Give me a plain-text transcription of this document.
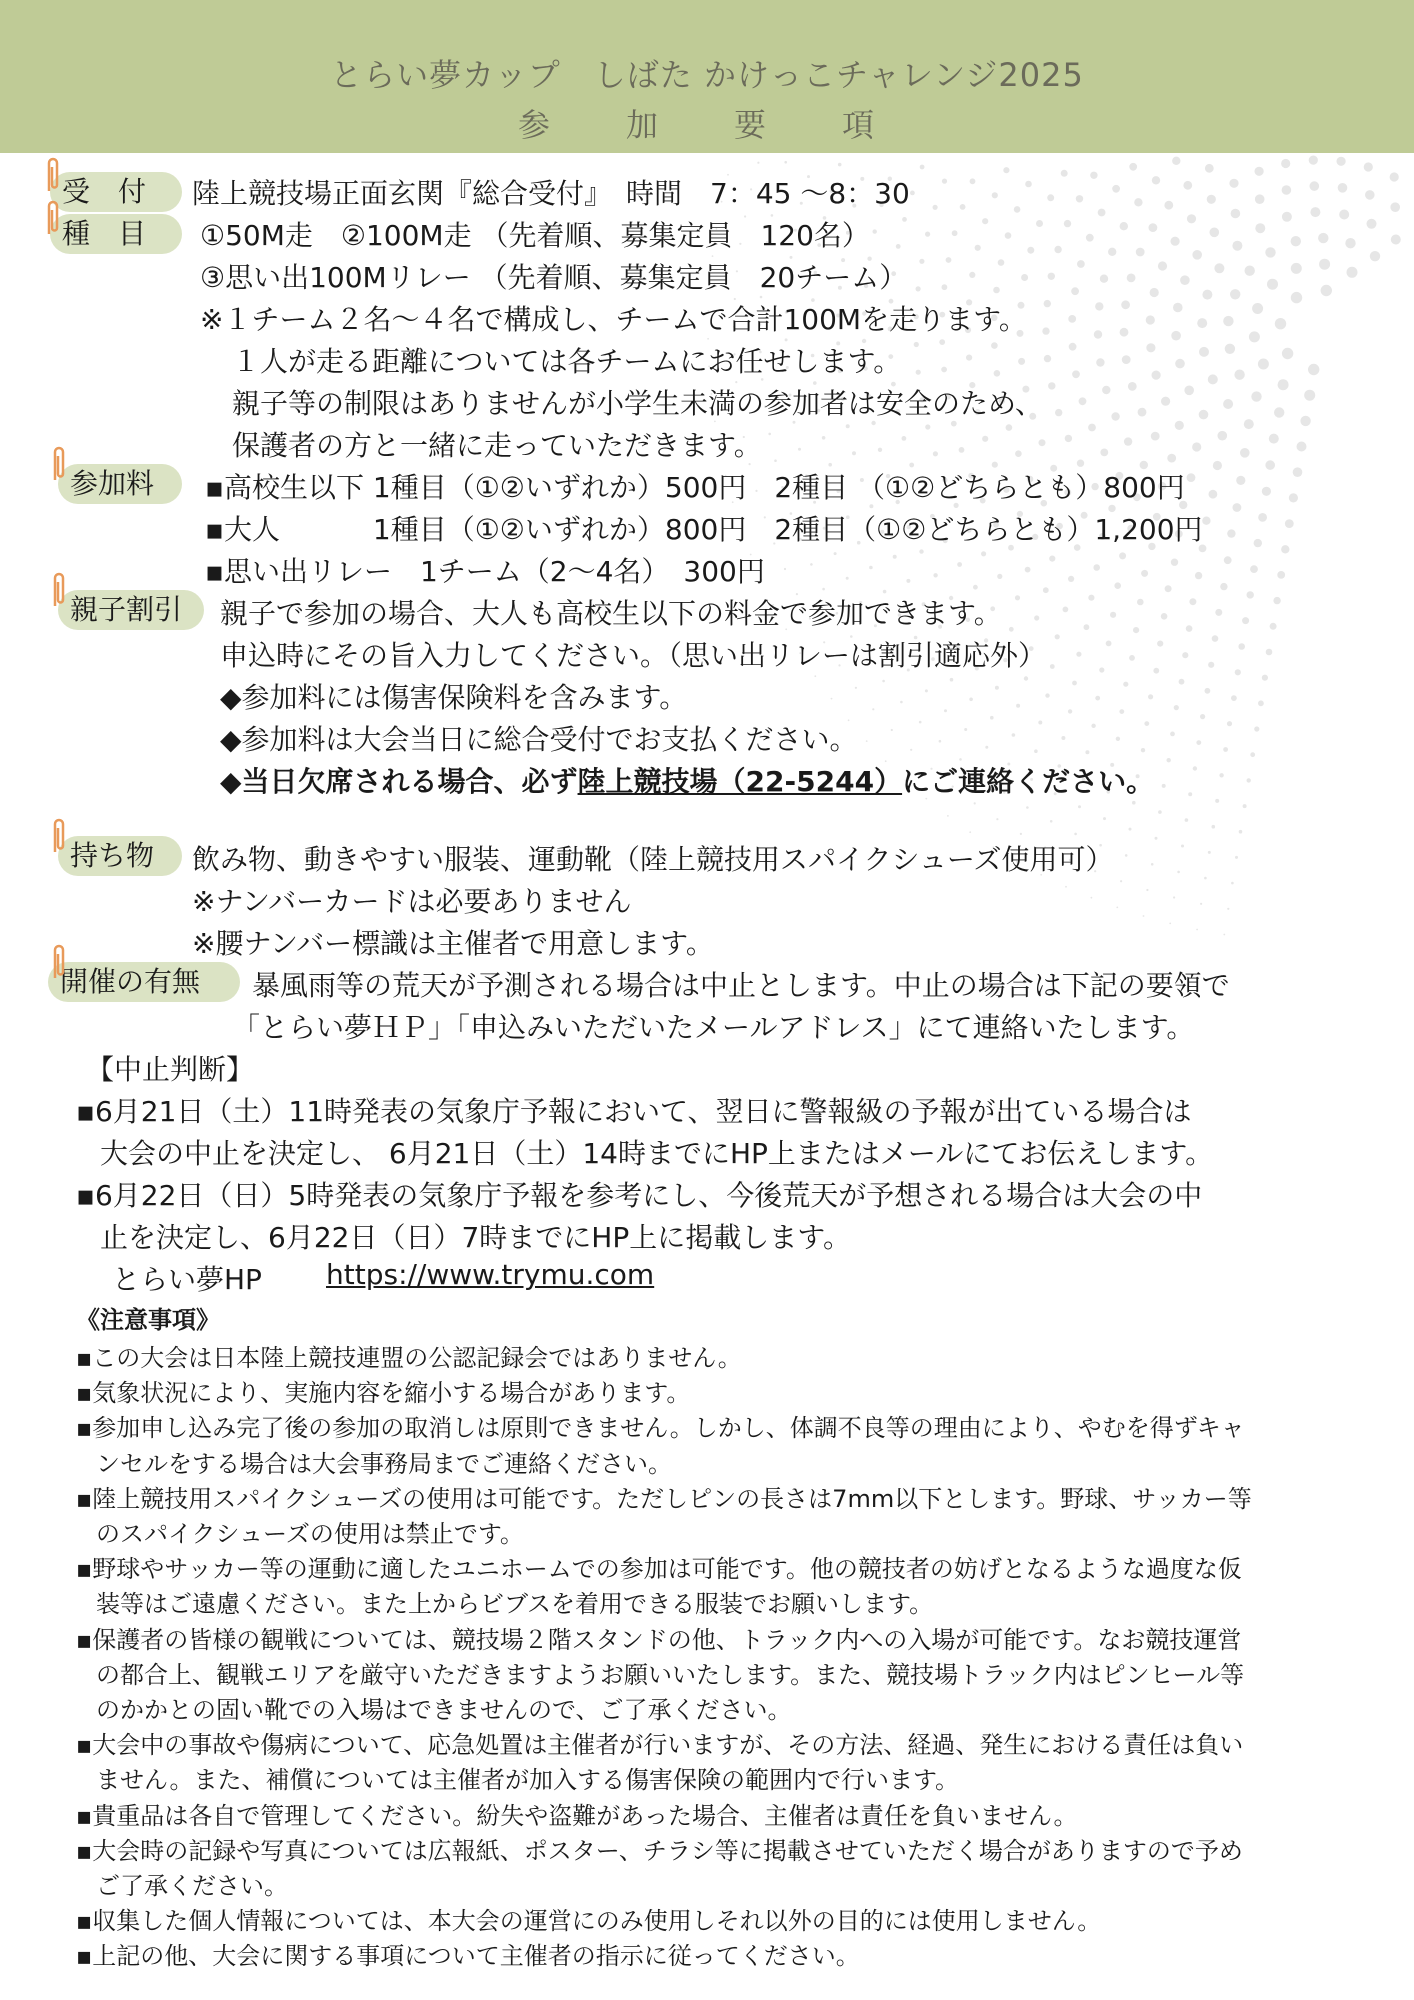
とらい夢カップ　しばた かけっこチャレンジ2025
参　加　要　項
受　付	陸上競技場正面玄関『総合受付』　時間　7：45 ～8：30
種　目	①50M走　②100M走 （先着順、募集定員　120名）
③思い出100Mリレー （先着順、募集定員　20チーム）
※１チーム２名～４名で構成し、チームで合計100Mを走ります。
１人が走る距離については各チームにお任せします。
親子等の制限はありませんが小学生未満の参加者は安全のため、
保護者の方と一緒に走っていただきます。
参加料	▪高校生以下 1種目（①②いずれか）500円　2種目 （①②どちらとも）800円
▪大人　　　 1種目（①②いずれか）800円　2種目（①②どちらとも）1,200円
▪思い出リレー　1チーム（2～4名）　300円
親子割引	親子で参加の場合、大人も高校生以下の料金で参加できます。
申込時にその旨入力してください。（思い出リレーは割引適応外）
◆参加料には傷害保険料を含みます。
◆参加料は大会当日に総合受付でお支払ください。
◆当日欠席される場合、必ず陸上競技場（22-5244）にご連絡ください。
持ち物	飲み物、動きやすい服装、運動靴（陸上競技用スパイクシューズ使用可）
※ナンバーカードは必要ありません
※腰ナンバー標識は主催者で用意します。
開催の有無	暴風雨等の荒天が予測される場合は中止とします。中止の場合は下記の要領で
「とらい夢ＨＰ」「申込みいただいたメールアドレス」にて連絡いたします。
【中止判断】
▪6月21日（土）11時発表の気象庁予報において、翌日に警報級の予報が出ている場合は
大会の中止を決定し、 6月21日（土）14時までにHP上またはメールにてお伝えします。
▪6月22日（日）5時発表の気象庁予報を参考にし、今後荒天が予想される場合は大会の中
止を決定し、6月22日（日）7時までにHP上に掲載します。
とらい夢HP https://www.trymu.com
《注意事項》
▪この大会は日本陸上競技連盟の公認記録会ではありません。
▪気象状況により、実施内容を縮小する場合があります。
▪参加申し込み完了後の参加の取消しは原則できません。しかし、体調不良等の理由により、やむを得ずキャ
ンセルをする場合は大会事務局までご連絡ください。
▪陸上競技用スパイクシューズの使用は可能です。ただしピンの長さは7mm以下とします。野球、サッカー等
のスパイクシューズの使用は禁止です。
▪野球やサッカー等の運動に適したユニホームでの参加は可能です。他の競技者の妨げとなるような過度な仮
装等はご遠慮ください。また上からビブスを着用できる服装でお願いします。
▪保護者の皆様の観戦については、競技場２階スタンドの他、トラック内への入場が可能です。なお競技運営
の都合上、観戦エリアを厳守いただきますようお願いいたします。また、競技場トラック内はピンヒール等
のかかとの固い靴での入場はできませんので、ご了承ください。
▪大会中の事故や傷病について、応急処置は主催者が行いますが、その方法、経過、発生における責任は負い
ません。また、補償については主催者が加入する傷害保険の範囲内で行います。
▪貴重品は各自で管理してください。紛失や盗難があった場合、主催者は責任を負いません。
▪大会時の記録や写真については広報紙、ポスター、チラシ等に掲載させていただく場合がありますので予め
ご了承ください。
▪収集した個人情報については、本大会の運営にのみ使用しそれ以外の目的には使用しません。
▪上記の他、大会に関する事項について主催者の指示に従ってください。
